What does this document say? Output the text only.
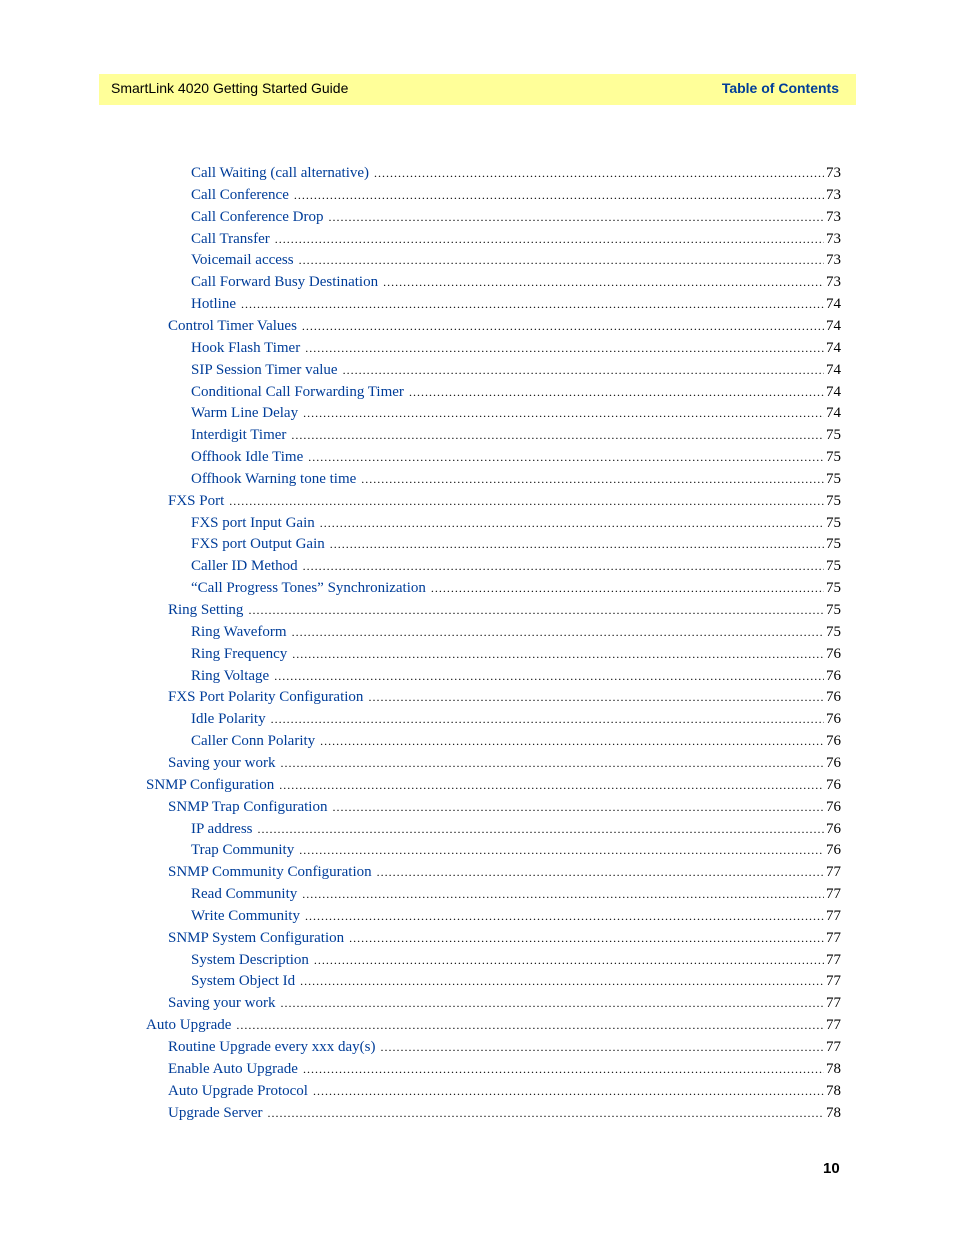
SmartLink 4020 Getting Started Guide	Table of Contents
Call Waiting (call alternative) .....	73
Call Conference .....	73
Call Conference Drop .....	73
Call Transfer .....	73
Voicemail access .....	73
Call Forward Busy Destination .....	73
Hotline .....	74
Control Timer Values .....	74
Hook Flash Timer .....	74
SIP Session Timer value .....	74
Conditional Call Forwarding Timer .....	74
Warm Line Delay .....	74
Interdigit Timer .....	75
Offhook Idle Time .....	75
Offhook Warning tone time .....	75
FXS Port .....	75
FXS port Input Gain .....	75
FXS port Output Gain .....	75
Caller ID Method .....	75
“Call Progress Tones” Synchronization .....	75
Ring Setting .....	75
Ring Waveform .....	75
Ring Frequency .....	76
Ring Voltage .....	76
FXS Port Polarity Configuration .....	76
Idle Polarity .....	76
Caller Conn Polarity .....	76
Saving your work .....	76
SNMP Configuration .....	76
SNMP Trap Configuration .....	76
IP address .....	76
Trap Community .....	76
SNMP Community Configuration .....	77
Read Community .....	77
Write Community .....	77
SNMP System Configuration .....	77
System Description .....	77
System Object Id .....	77
Saving your work .....	77
Auto Upgrade .....	77
Routine Upgrade every xxx day(s) .....	77
Enable Auto Upgrade .....	78
Auto Upgrade Protocol .....	78
Upgrade Server .....	78
10
